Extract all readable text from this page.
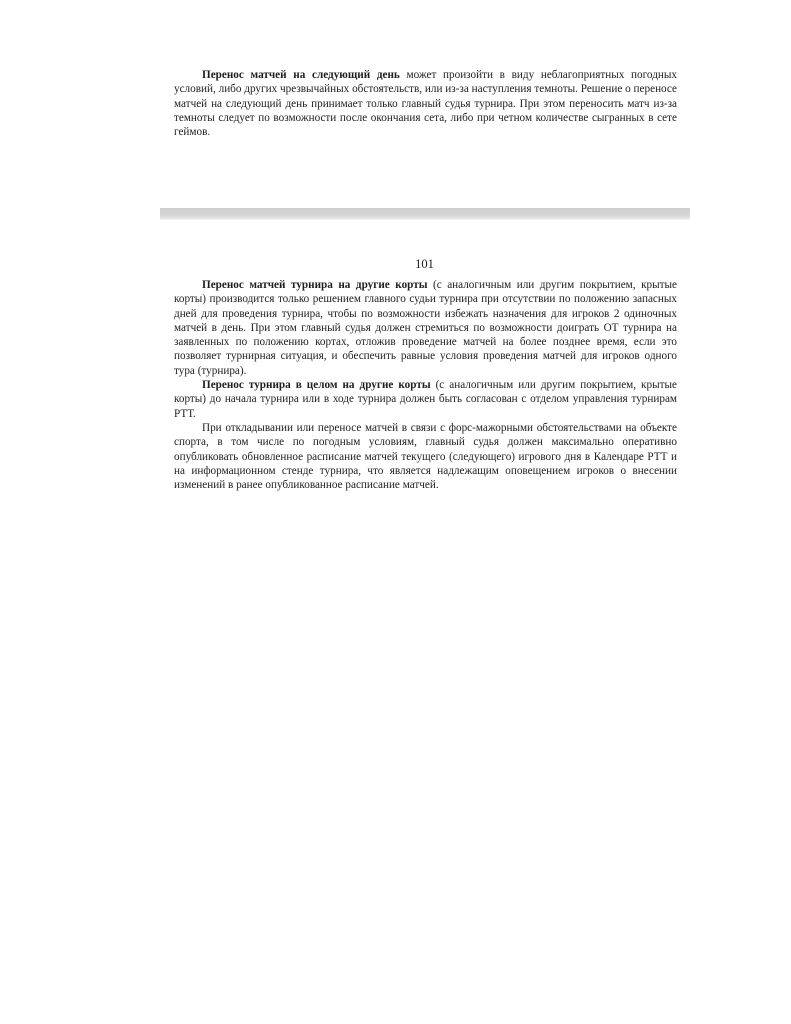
Перенос матчей на следующий день может произойти в виду неблагоприятных погодных условий, либо других чрезвычайных обстоятельств, или из-за наступления темноты. Решение о переносе матчей на следующий день принимает только главный судья турнира. При этом переносить матч из-за темноты следует по возможности после окончания сета, либо при четном количестве сыгранных в сете геймов.

101

Перенос матчей турнира на другие корты (с аналогичным или другим покрытием, крытые корты) производится только решением главного судьи турнира при отсутствии по положению запасных дней для проведения турнира, чтобы по возможности избежать назначения для игроков 2 одиночных матчей в день. При этом главный судья должен стремиться по возможности доиграть ОТ турнира на заявленных по положению кортах, отложив проведение матчей на более позднее время, если это позволяет турнирная ситуация, и обеспечить равные условия проведения матчей для игроков одного тура (турнира).

Перенос турнира в целом на другие корты (с аналогичным или другим покрытием, крытые корты) до начала турнира или в ходе турнира должен быть согласован с отделом управления турнирам РТТ.

При откладывании или переносе матчей в связи с форс-мажорными обстоятельствами на объекте спорта, в том числе по погодным условиям, главный судья должен максимально оперативно опубликовать обновленное расписание матчей текущего (следующего) игрового дня в Календаре РТТ и на информационном стенде турнира, что является надлежащим оповещением игроков о внесении изменений в ранее опубликованное расписание матчей.
